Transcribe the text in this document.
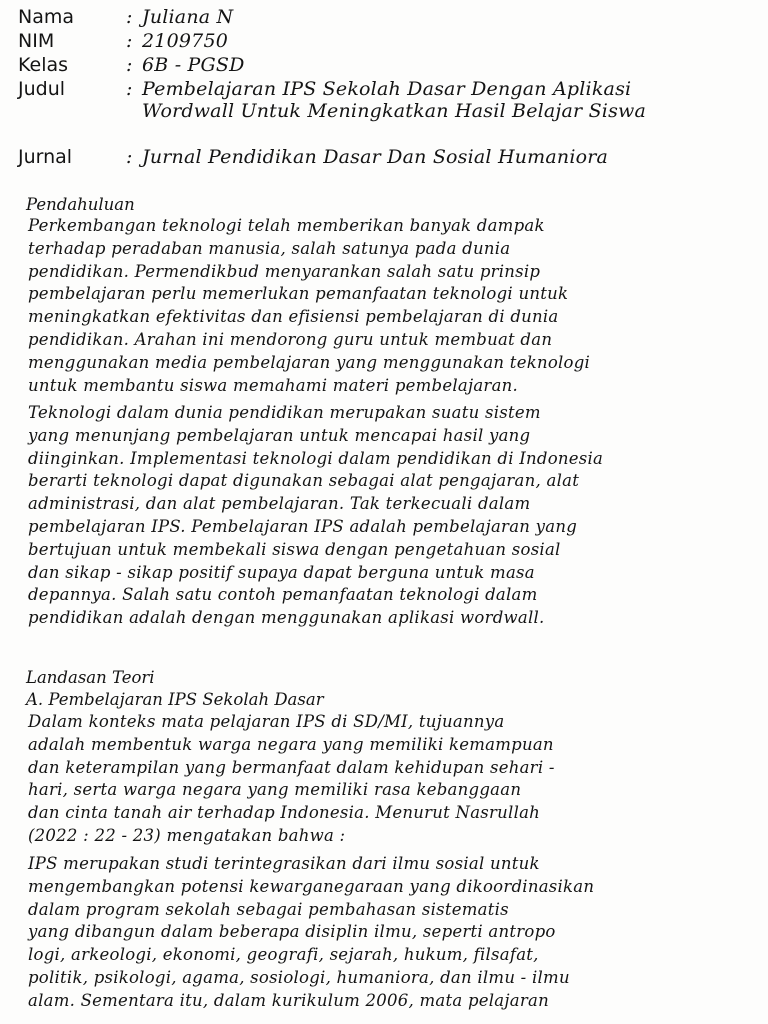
Nama	: Juliana N
NIM	: 2109750
Kelas	: 6B - PGSD
Judul	: Pembelajaran IPS Sekolah Dasar Dengan Aplikasi Wordwall Untuk Meningkatkan Hasil Belajar Siswa
Jurnal	: Jurnal Pendidikan Dasar Dan Sosial Humaniora
Pendahuluan
Perkembangan teknologi telah memberikan banyak dampak
terhadap peradaban manusia, salah satunya pada dunia
pendidikan. Permendikbud menyarankan salah satu prinsip
pembelajaran perlu memerlukan pemanfaatan teknologi untuk
meningkatkan efektivitas dan efisiensi pembelajaran di dunia
pendidikan. Arahan ini mendorong guru untuk membuat dan
menggunakan media pembelajaran yang menggunakan teknologi
untuk membantu siswa memahami materi pembelajaran.
Teknologi dalam dunia pendidikan merupakan suatu sistem
yang menunjang pembelajaran untuk mencapai hasil yang
diinginkan. Implementasi teknologi dalam pendidikan di Indonesia
berarti teknologi dapat digunakan sebagai alat pengajaran, alat
administrasi, dan alat pembelajaran. Tak terkecuali dalam
pembelajaran IPS. Pembelajaran IPS adalah pembelajaran yang
bertujuan untuk membekali siswa dengan pengetahuan sosial
dan sikap - sikap positif supaya dapat berguna untuk masa
depannya. Salah satu contoh pemanfaatan teknologi dalam
pendidikan adalah dengan menggunakan aplikasi wordwall.
Landasan Teori
A. Pembelajaran IPS Sekolah Dasar
Dalam konteks mata pelajaran IPS di SD/MI, tujuannya
adalah membentuk warga negara yang memiliki kemampuan
dan keterampilan yang bermanfaat dalam kehidupan sehari -
hari, serta warga negara yang memiliki rasa kebanggaan
dan cinta tanah air terhadap Indonesia. Menurut Nasrullah
(2022 : 22 - 23) mengatakan bahwa :
IPS merupakan studi terintegrasikan dari ilmu sosial untuk
mengembangkan potensi kewarganegaraan yang dikoordinasikan
dalam program sekolah sebagai pembahasan sistematis
yang dibangun dalam beberapa disiplin ilmu, seperti antropo
logi, arkeologi, ekonomi, geografi, sejarah, hukum, filsafat,
politik, psikologi, agama, sosiologi, humaniora, dan ilmu - ilmu
alam. Sementara itu, dalam kurikulum 2006, mata pelajaran
